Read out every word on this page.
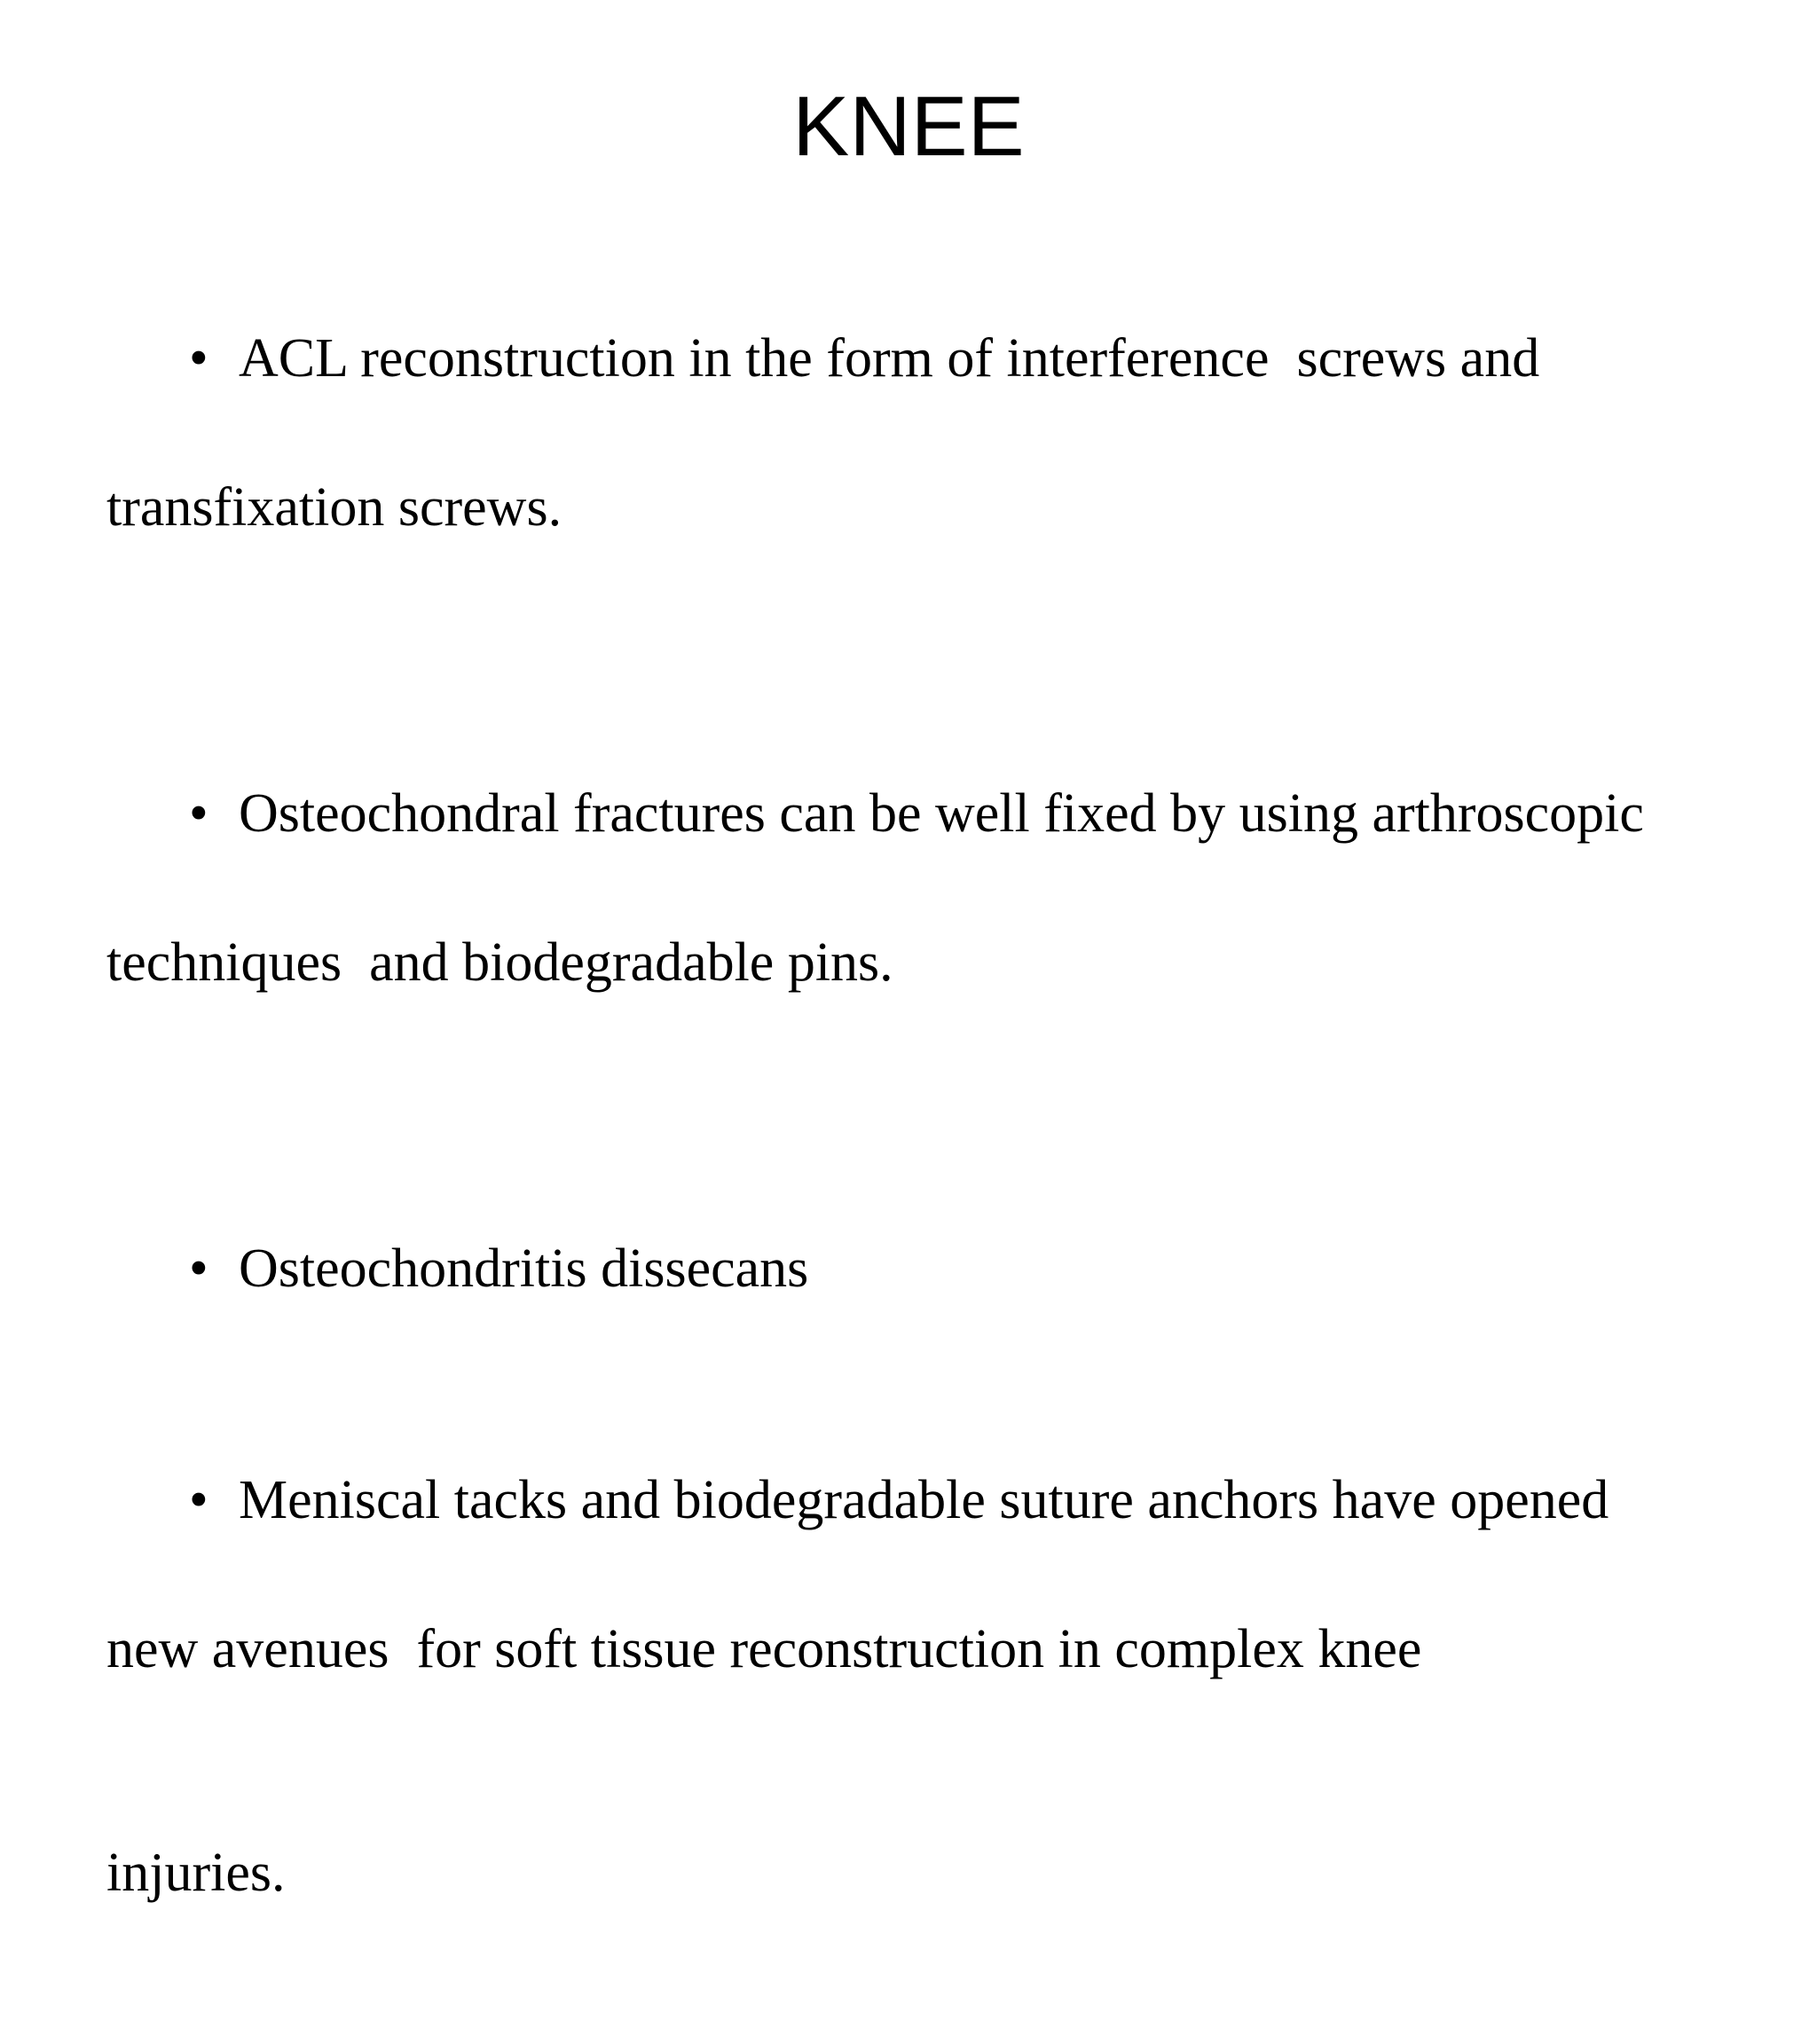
KNEE

• ACL reconstruction in the form of interference  screws and

transfixation screws.

• Osteochondral fractures can be well fixed by using arthroscopic

techniques  and biodegradable pins.

• Osteochondritis dissecans

• Meniscal tacks and biodegradable suture anchors have opened

new avenues  for soft tissue reconstruction in complex knee

injuries.
